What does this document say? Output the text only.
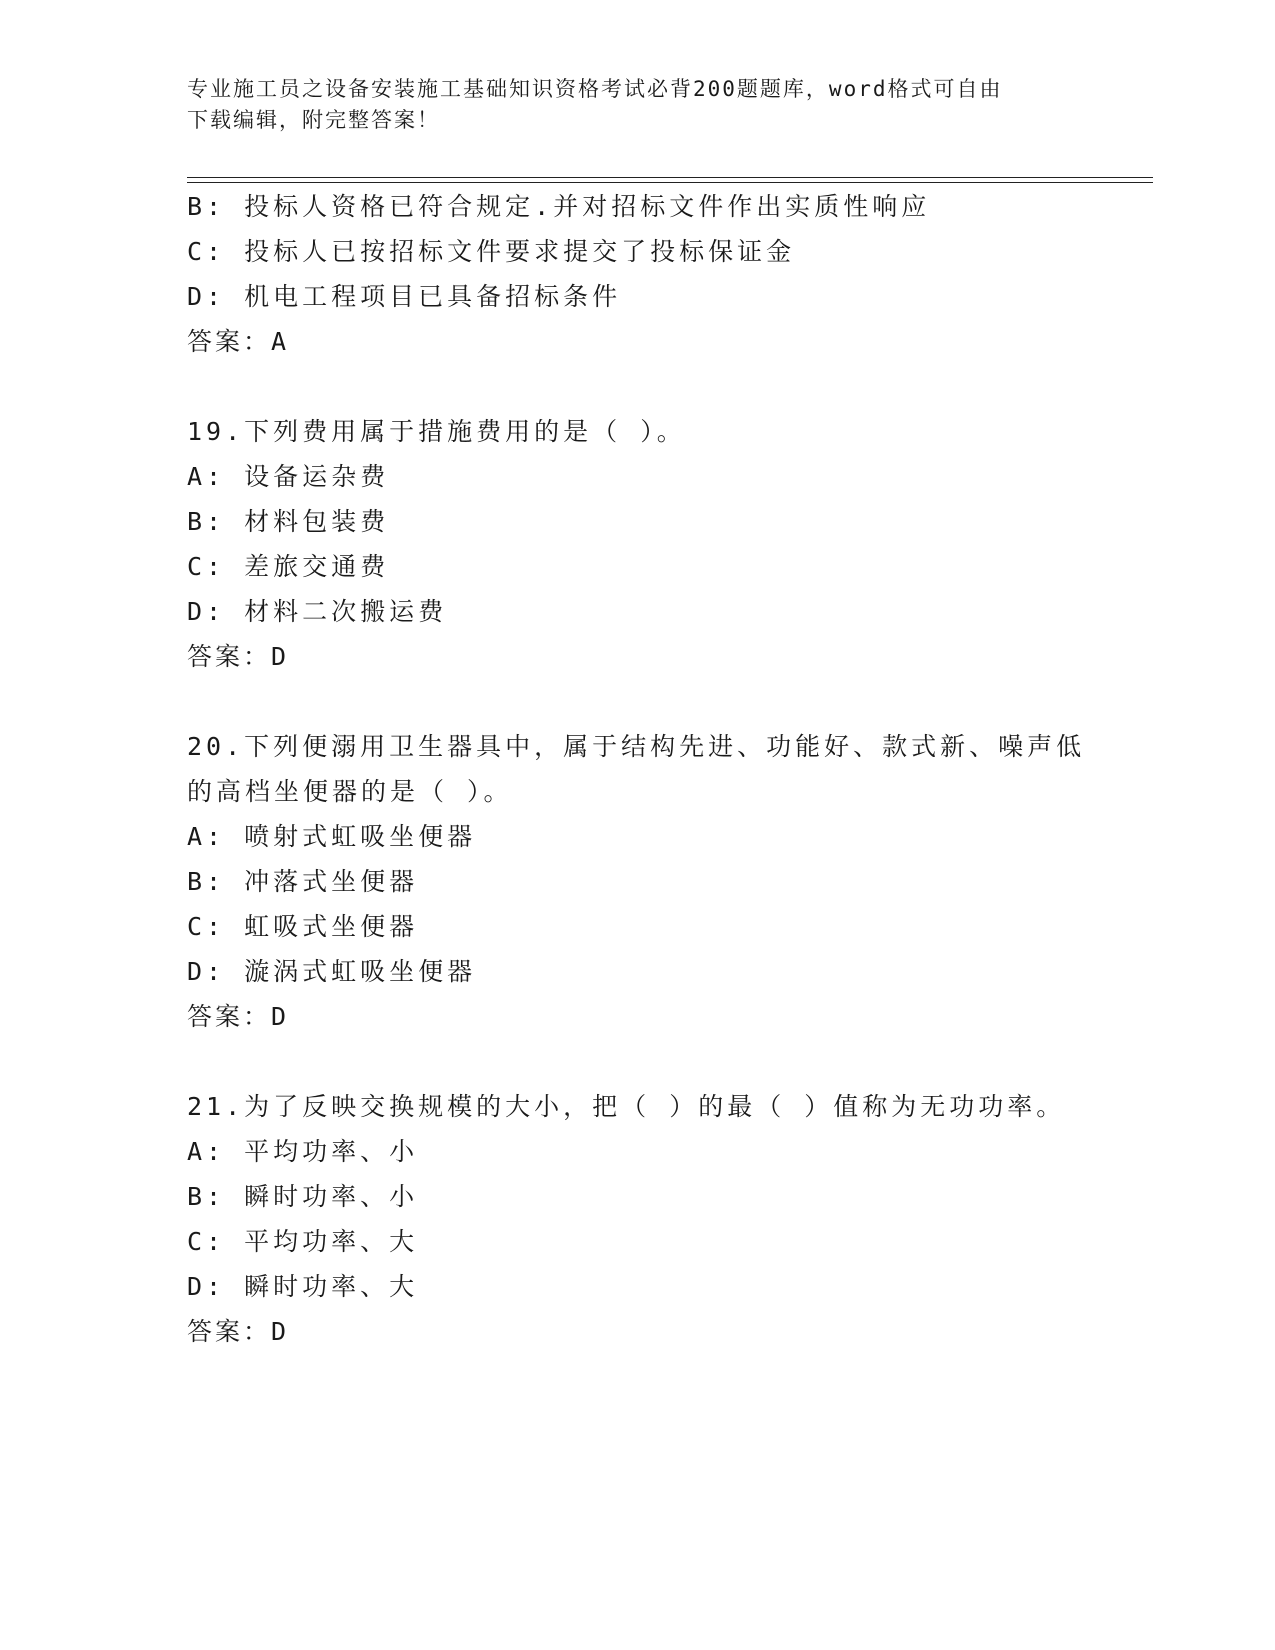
专业施工员之设备安装施工基础知识资格考试必背200题题库，word格式可自由
下载编辑，附完整答案！
B: 投标人资格已符合规定.并对招标文件作出实质性响应
C: 投标人已按招标文件要求提交了投标保证金
D: 机电工程项目已具备招标条件
答案：A
19.下列费用属于措施费用的是（ ）。
A: 设备运杂费
B: 材料包装费
C: 差旅交通费
D: 材料二次搬运费
答案：D
20.下列便溺用卫生器具中，属于结构先进、功能好、款式新、噪声低
的高档坐便器的是（ ）。
A: 喷射式虹吸坐便器
B: 冲落式坐便器
C: 虹吸式坐便器
D: 漩涡式虹吸坐便器
答案：D
21.为了反映交换规模的大小，把（ ）的最（ ）值称为无功功率。
A: 平均功率、小
B: 瞬时功率、小
C: 平均功率、大
D: 瞬时功率、大
答案：D
